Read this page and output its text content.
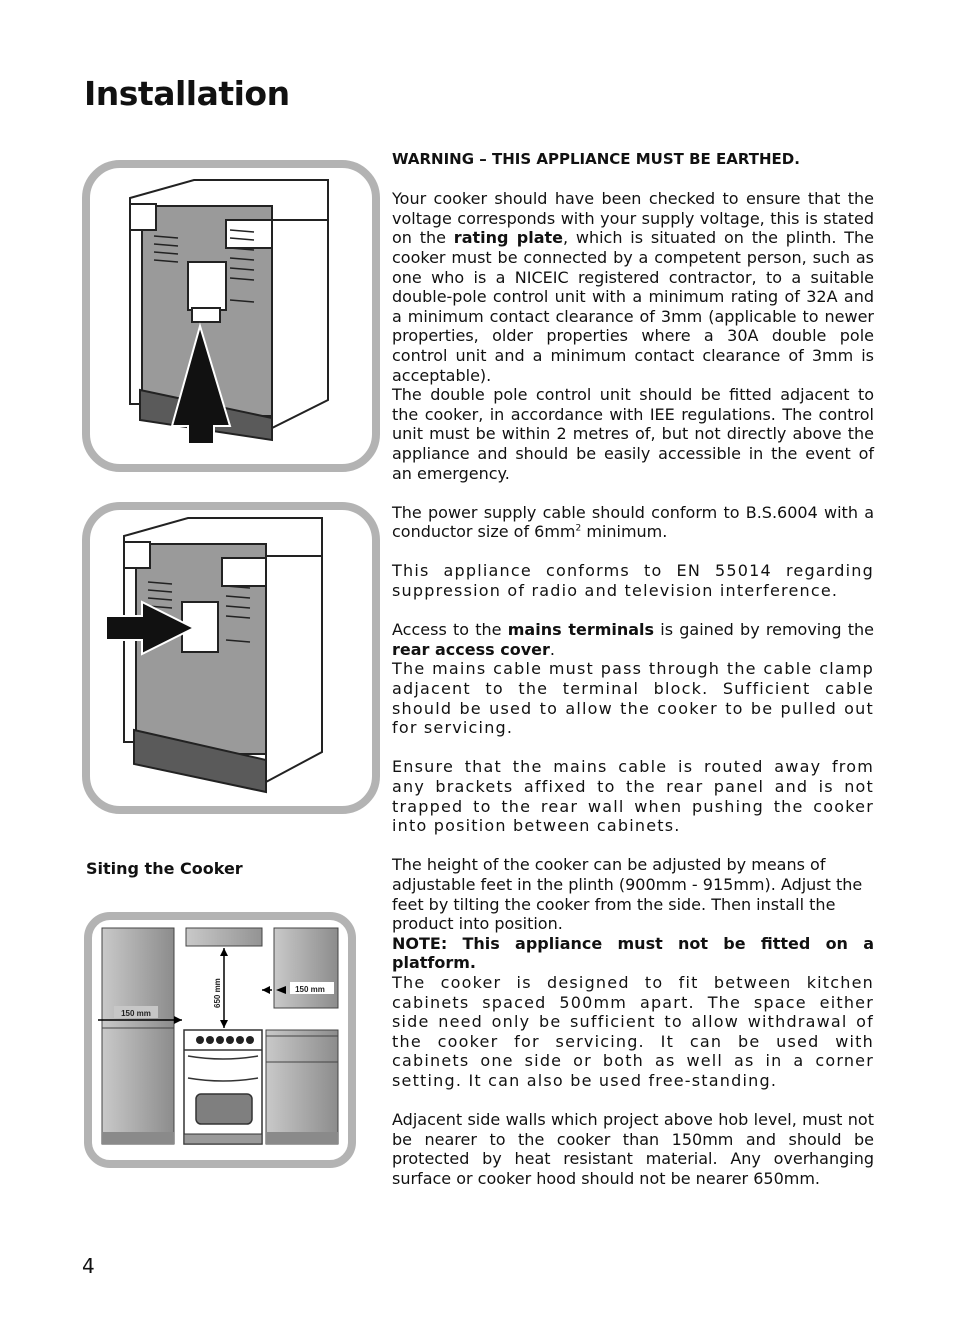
Installation
Siting the Cooker
150 mm
650 mm	150 mm

WARNING – THIS APPLIANCE MUST BE EARTHED.

Your cooker should have been checked to ensure that the voltage corresponds with your supply voltage, this is stated on the rating plate, which is situated on the plinth. The cooker must be connected by a competent person, such as one who is a NICEIC registered contractor, to a suitable double-pole control unit with a minimum rating of 32A and a minimum contact clearance of 3mm (applicable to newer properties, older properties where a 30A double pole control unit and a minimum contact clearance of 3mm is acceptable).

The double pole control unit should be fitted adjacent to the cooker, in accordance with IEE regulations. The control unit must be within 2 metres of, but not directly above the appliance and should be easily accessible in the event of an emergency.

The power supply cable should conform to B.S.6004 with a conductor size of $6mm^2$ minimum.

This appliance conforms to EN 55014 regarding suppression of radio and television interference.

Access to the mains terminals is gained by removing the rear access cover.

The mains cable must pass through the cable clamp adjacent to the terminal block. Sufficient cable should be used to allow the cooker to be pulled out for servicing.

Ensure that the mains cable is routed away from any brackets affixed to the rear panel and is not trapped to the rear wall when pushing the cooker into position between cabinets.

The height of the cooker can be adjusted by means of adjustable feet in the plinth (900mm - 915mm). Adjust the feet by tilting the cooker from the side. Then install the product into position.

NOTE: This appliance must not be fitted on a platform.

The cooker is designed to fit between kitchen cabinets spaced 500mm apart. The space either side need only be sufficient to allow withdrawal of the cooker for servicing. It can be used with cabinets one side or both as well as in a corner setting. It can also be used free-standing.

Adjacent side walls which project above hob level, must not be nearer to the cooker than 150mm and should be protected by heat resistant material. Any overhanging surface or cooker hood should not be nearer 650mm.

4
